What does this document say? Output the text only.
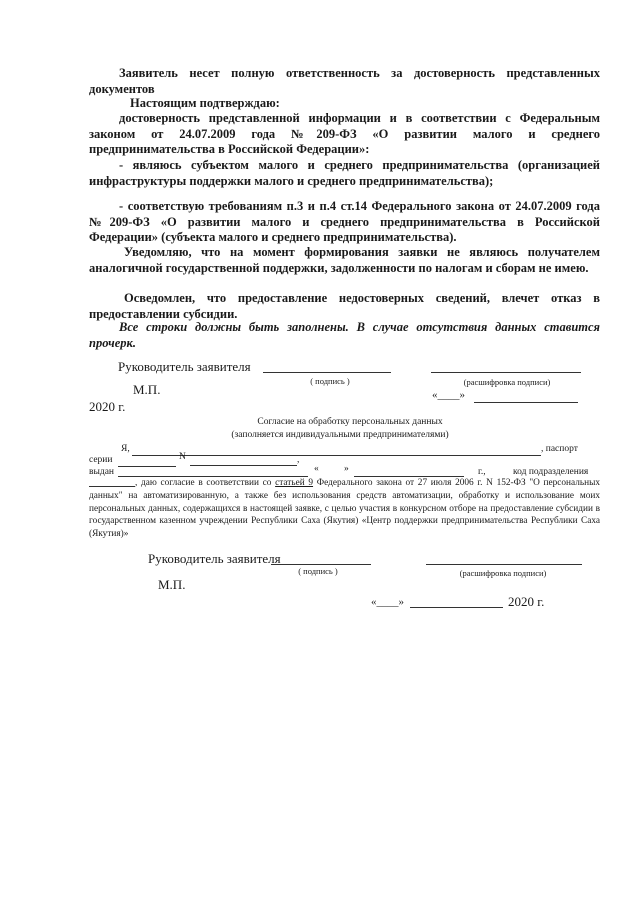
Заявитель несет полную ответственность за достоверность представленных документов
Настоящим подтверждаю:
достоверность представленной информации и в соответствии с Федеральным законом от 24.07.2009 года №209-ФЗ «О развитии малого и среднего предпринимательства в Российской Федерации»:
- являюсь субъектом малого и среднего предпринимательства (организацией инфраструктуры поддержки малого и среднего предпринимательства);
- соответствую требованиям п.3 и п.4 ст.14 Федерального закона от 24.07.2009 года №209-ФЗ «О развитии малого и среднего предпринимательства в Российской Федерации» (субъекта малого и среднего предпринимательства).
Уведомляю, что на момент формирования заявки не являюсь получателем аналогичной государственной поддержки, задолженности по налогам и сборам не имею.
Осведомлен, что предоставление недостоверных сведений, влечет отказ в предоставлении субсидии.
Все строки должны быть заполнены. В случае отсутствия данных ставится прочерк.
Руководитель заявителя
( подпись )	(расшифровка подписи)
М.П.	«____»
2020 г.
Согласие на обработку персональных данных
(заполняется индивидуальными предпринимателями)
Я,	, паспорт
серии	N	,
выдан	«	»	г.,	код подразделения
, даю согласие в соответствии со статьей 9 Федерального закона от 27 июля 2006 г. N 152-ФЗ "О персональных данных" на автоматизированную, а также без использования средств автоматизации, обработку и использование моих персональных данных, содержащихся в настоящей заявке, с целью участия в конкурсном отборе на предоставление субсидии в государственном казенном учреждении Республики Саха (Якутия) «Центр поддержки предпринимательства Республики Саха (Якутия)»
Руководитель заявителя
( подпись )	(расшифровка подписи)
М.П.
«____»	2020 г.
